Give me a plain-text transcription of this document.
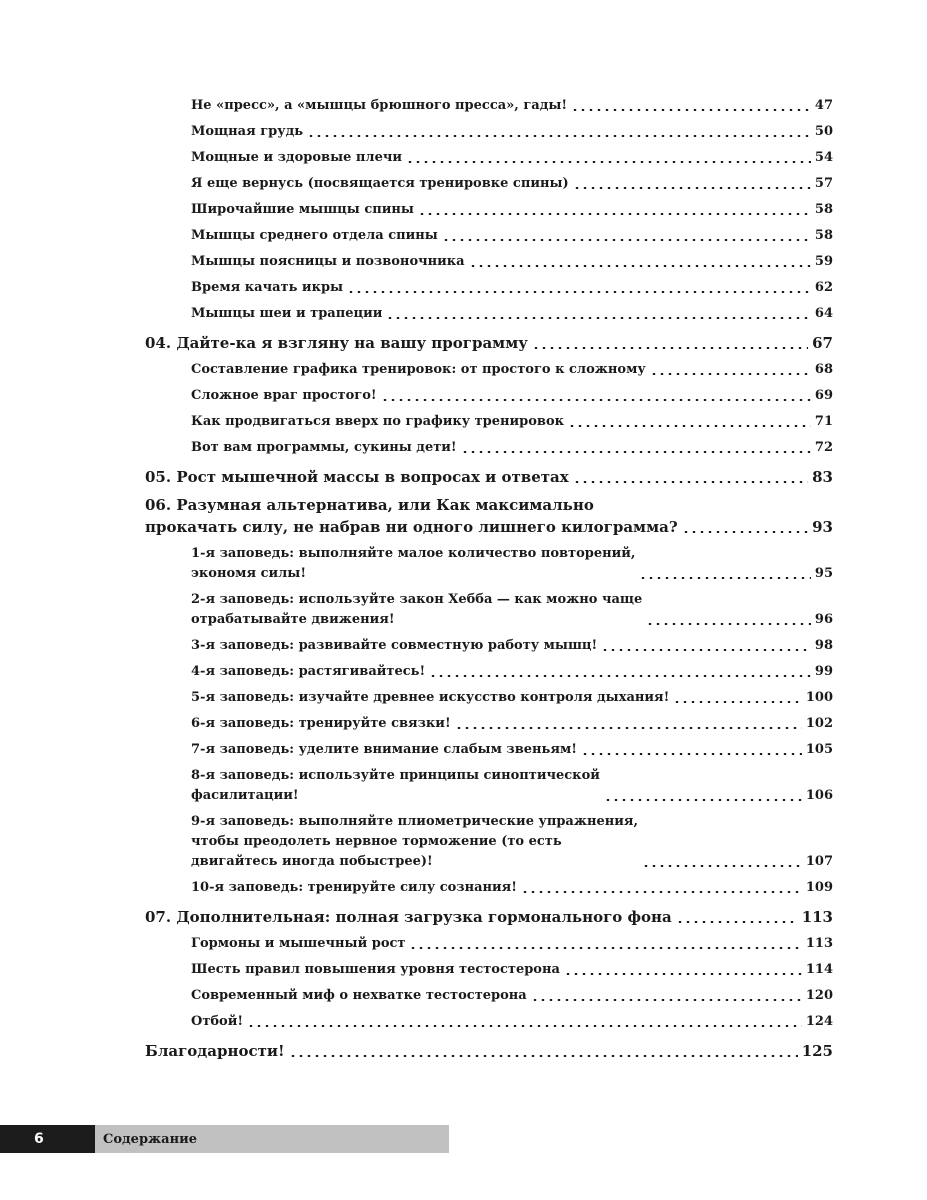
Не «пресс», а «мышцы брюшного пресса», гады!	47
Мощная грудь	50
Мощные и здоровые плечи	54
Я еще вернусь (посвящается тренировке спины)	57
Широчайшие мышцы спины	58
Мышцы среднего отдела спины	58
Мышцы поясницы и позвоночника	59
Время качать икры	62
Мышцы шеи и трапеции	64
04. Дайте-ка я взгляну на вашу программу	67
Составление графика тренировок: от простого к сложному	68
Сложное враг простого!	69
Как продвигаться вверх по графику тренировок	71
Вот вам программы, сукины дети!	72
05. Рост мышечной массы в вопросах и ответах	83
06. Разумная альтернатива, или Как максимально
прокачать силу, не набрав ни одного лишнего килограмма?	93
1-я заповедь: выполняйте малое количество повторений,
экономя силы!	95
2-я заповедь: используйте закон Хебба — как можно чаще
отрабатывайте движения!	96
3-я заповедь: развивайте совместную работу мышц!	98
4-я заповедь: растягивайтесь!	99
5-я заповедь: изучайте древнее искусство контроля дыхания!	100
6-я заповедь: тренируйте связки!	102
7-я заповедь: уделите внимание слабым звеньям!	105
8-я заповедь: используйте принципы синоптической
фасилитации!	106
9-я заповедь: выполняйте плиометрические упражнения,
чтобы преодолеть нервное торможение (то есть
двигайтесь иногда побыстрее)!	107
10-я заповедь: тренируйте силу сознания!	109
07. Дополнительная: полная загрузка гормонального фона	113
Гормоны и мышечный рост	113
Шесть правил повышения уровня тестостерона	114
Современный миф о нехватке тестостерона	120
Отбой!	124
Благодарности!	125
6	Содержание
